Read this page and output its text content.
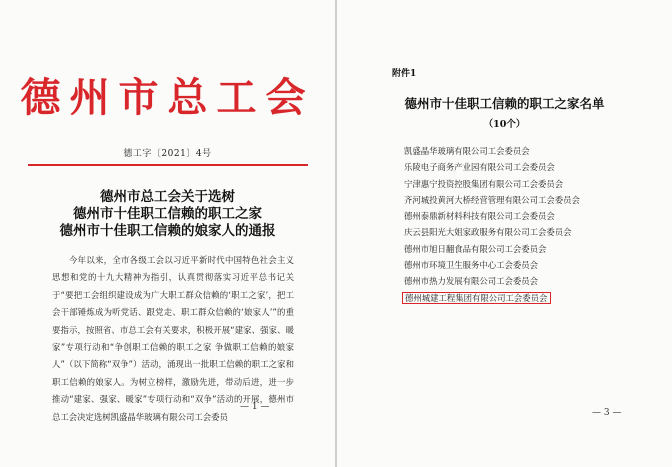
德州市总工会
德工字〔2021〕4号
德州市总工会关于选树
德州市十佳职工信赖的职工之家
德州市十佳职工信赖的娘家人的通报

今年以来，全市各级工会以习近平新时代中国特色社会主义思想和党的十九大精神为指引，认真贯彻落实习近平总书记关于“要把工会组织建设成为广大职工群众信赖的‘职工之家’，把工会干部锤炼成为听党话、跟党走、职工群众信赖的‘娘家人’”的重要指示，按照省、市总工会有关要求，积极开展“建家、强家、暖家”专项行动和“争创职工信赖的职工之家 争做职工信赖的娘家人”（以下简称“双争”）活动，涌现出一批职工信赖的职工之家和职工信赖的娘家人。为树立榜样，激励先进，带动后进，进一步推动“建家、强家、暖家”专项行动和“双争”活动的开展，德州市总工会决定选树凯盛晶华玻璃有限公司工会委员

— 1 —
附件1
德州市十佳职工信赖的职工之家名单
（10个）
凯盛晶华玻璃有限公司工会委员会
乐陵电子商务产业园有限公司工会委员会
宁津惠宁投资控股集团有限公司工会委员会
齐河城投黄河大桥经营管理有限公司工会委员会
德州泰鼎新材料科技有限公司工会委员会
庆云县阳光大姐家政服务有限公司工会委员会
德州市旭日翻食品有限公司工会委员会
德州市环境卫生服务中心工会委员会
德州市热力发展有限公司工会委员会
德州城建工程集团有限公司工会委员会
— 3 —
